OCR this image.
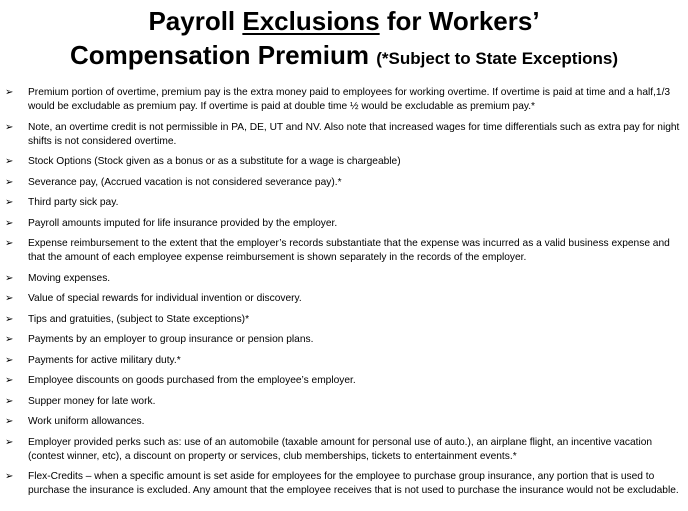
Payroll Exclusions for Workers’
Compensation Premium (*Subject to State Exceptions)
➢ Premium portion of overtime, premium pay is the extra money paid to employees for working overtime. If overtime is paid at time and a half,1/3 would be excludable as premium pay. If overtime is paid at double time ½ would be excludable as premium pay.*
➢ Note, an overtime credit is not permissible in PA, DE, UT and NV. Also note that increased wages for time differentials such as extra pay for night shifts is not considered overtime.
➢ Stock Options (Stock given as a bonus or as a substitute for a wage is chargeable)
➢ Severance pay, (Accrued vacation is not considered severance pay).*
➢ Third party sick pay.
➢ Payroll amounts imputed for life insurance provided by the employer.
➢ Expense reimbursement to the extent that the employer’s records substantiate that the expense was incurred as a valid business expense and that the amount of each employee expense reimbursement is shown separately in the records of the employer.
➢ Moving expenses.
➢ Value of special rewards for individual invention or discovery.
➢ Tips and gratuities, (subject to State exceptions)*
➢ Payments by an employer to group insurance or pension plans.
➢ Payments for active military duty.*
➢ Employee discounts on goods purchased from the employee’s employer.
➢ Supper money for late work.
➢ Work uniform allowances.
➢ Employer provided perks such as: use of an automobile (taxable amount for personal use of auto.), an airplane flight, an incentive vacation (contest winner, etc), a discount on property or services, club memberships, tickets to entertainment events.*
➢ Flex-Credits – when a specific amount is set aside for employees for the employee to purchase group insurance, any portion that is used to purchase the insurance is excluded. Any amount that the employee receives that is not used to purchase the insurance would not be excludable.
